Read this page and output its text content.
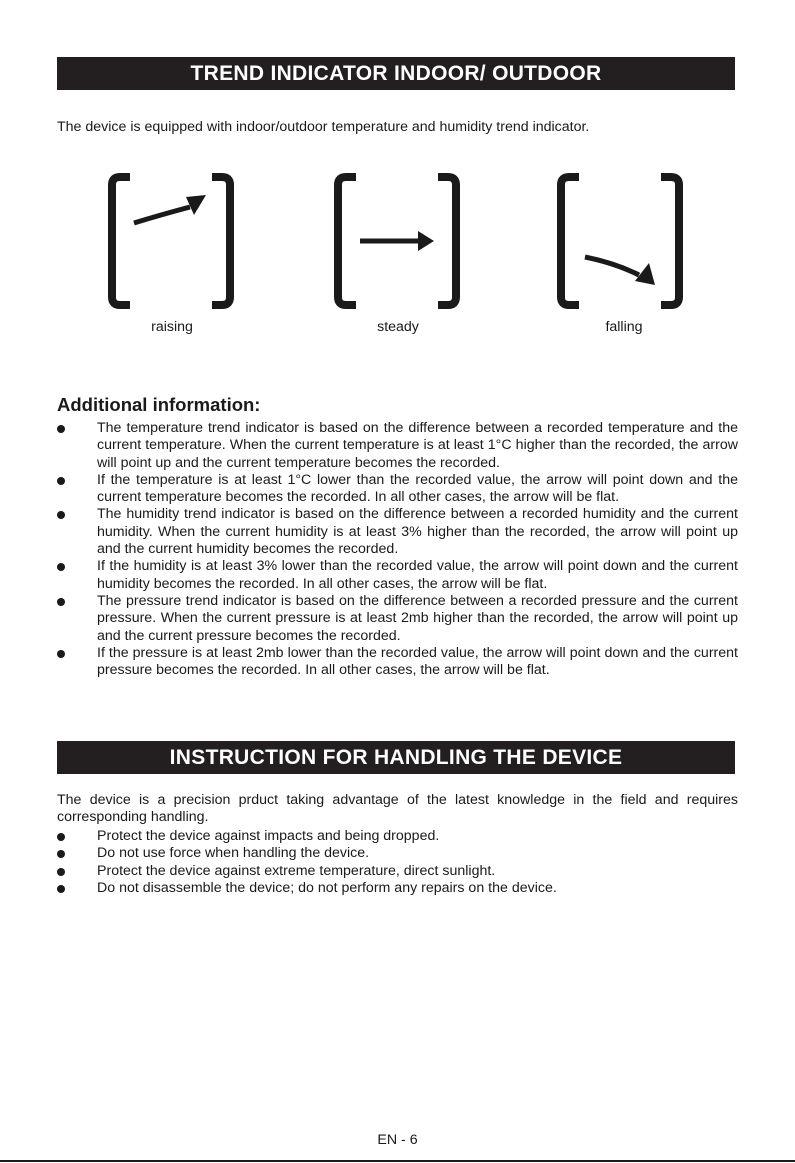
TREND INDICATOR INDOOR/ OUTDOOR
The device is equipped with indoor/outdoor temperature and humidity trend indicator.
raising	steady	falling
Additional information:
The temperature trend indicator is based on the difference between a recorded temperature and the current temperature. When the current temperature is at least 1°C higher than the recorded, the arrow will point up and the current temperature becomes the recorded.
If the temperature is at least 1°C lower than the recorded value, the arrow will point down and the current temperature becomes the recorded. In all other cases, the arrow will be flat.
The humidity trend indicator is based on the difference between a recorded humidity and the current humidity. When the current humidity is at least 3% higher than the recorded, the arrow will point up and the current humidity becomes the recorded.
If the humidity is at least 3% lower than the recorded value, the arrow will point down and the current humidity becomes the recorded. In all other cases, the arrow will be flat.
The pressure trend indicator is based on the difference between a recorded pressure and the current pressure. When the current pressure is at least 2mb higher than the recorded, the arrow will point up and the current pressure becomes the recorded.
If the pressure is at least 2mb lower than the recorded value, the arrow will point down and the current pressure becomes the recorded. In all other cases, the arrow will be flat.
INSTRUCTION FOR HANDLING THE DEVICE
The device is a precision prduct taking advantage of the latest knowledge in the field and requires corresponding handling.
Protect the device against impacts and being dropped.
Do not use force when handling the device.
Protect the device against extreme temperature, direct sunlight.
Do not disassemble the device; do not perform any repairs on the device.
EN - 6
